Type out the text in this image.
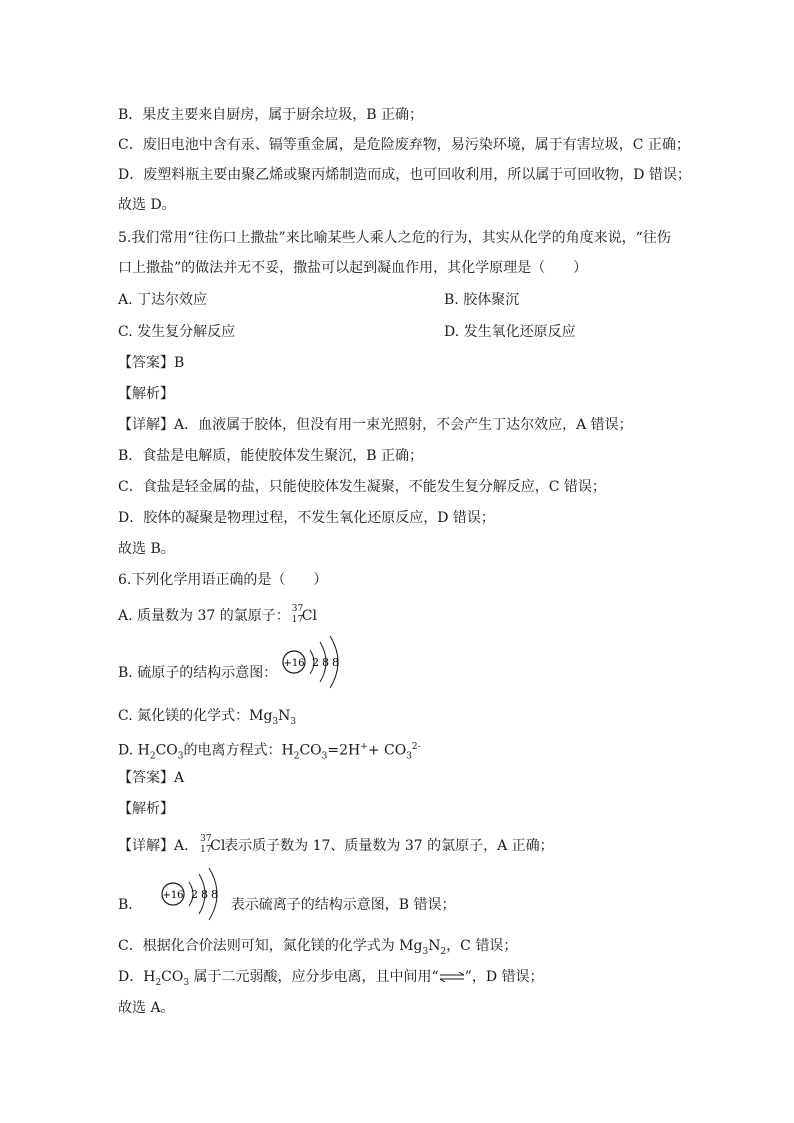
B．果皮主要来自厨房，属于厨余垃圾，B 正确；
C．废旧电池中含有汞、镉等重金属，是危险废弃物，易污染环境，属于有害垃圾，C 正确；
D．废塑料瓶主要由聚乙烯或聚丙烯制造而成，也可回收利用，所以属于可回收物，D 错误；
故选 D。
5.我们常用“往伤口上撒盐”来比喻某些人乘人之危的行为，其实从化学的角度来说，“往伤
口上撒盐”的做法并无不妥，撒盐可以起到凝血作用，其化学原理是（　　）
A. 丁达尔效应	B. 胶体聚沉
C. 发生复分解反应	D. 发生氧化还原反应
【答案】B
【解析】
【详解】A．血液属于胶体，但没有用一束光照射，不会产生丁达尔效应，A 错误；
B．食盐是电解质，能使胶体发生聚沉，B 正确；
C．食盐是轻金属的盐，只能使胶体发生凝聚，不能发生复分解反应，C 错误；
D．胶体的凝聚是物理过程，不发生氧化还原反应，D 错误；
故选 B。
6.下列化学用语正确的是（　　）
A. 质量数为 37 的氯原子： 37
17
Cl
B. 硫原子的结构示意图：
+16 2 8 8
C. 氮化镁的化学式：$Mg_3N_3$
D. $H_2CO_3$的电离方程式：$H_2CO_3=2H^++ CO_3^{2-}$
【答案】A
【解析】
【详解】A． 37
17
Cl
表示质子数为 17、质量数为 37 的氯原子，A 正确；
B．
+16 2 8 8
表示硫离子的结构示意图，B 错误；
C．根据化合价法则可知，氮化镁的化学式为 $Mg_3N_2$，C 错误；
D．$H_2CO_3$ 属于二元弱酸，应分步电离，且中间用“⇌”，D 错误；
故选 A。
